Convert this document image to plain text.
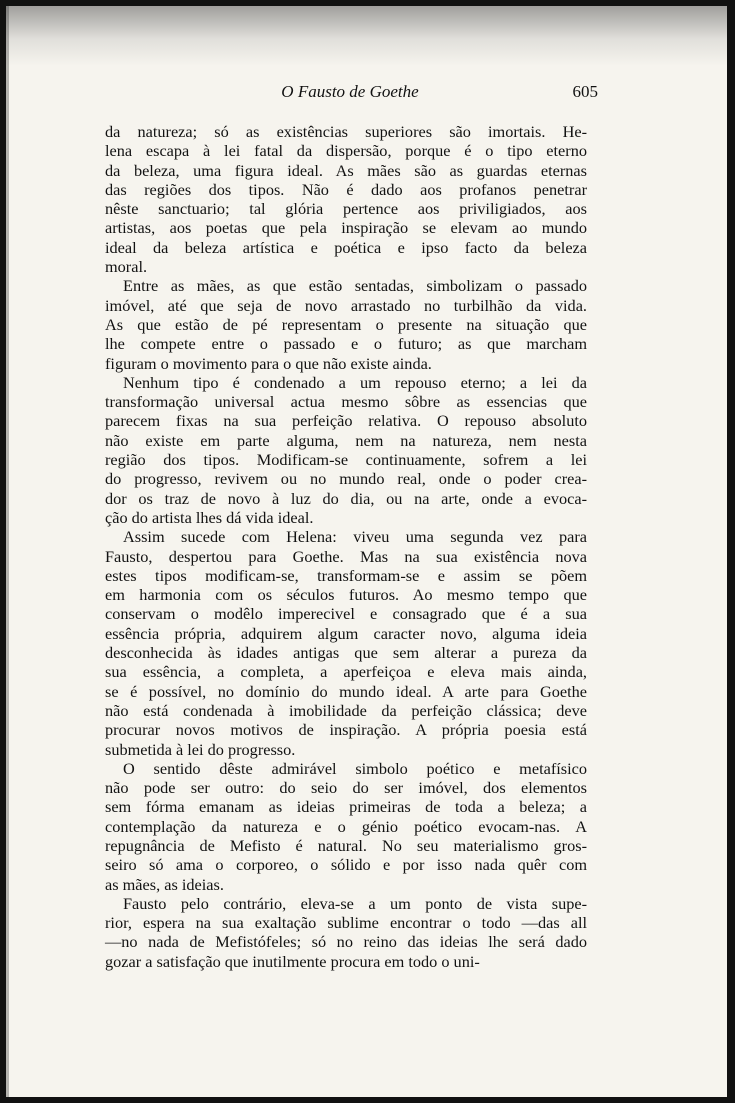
O Fausto de Goethe	605
da natureza; só as existências superiores são imortais. He-
lena escapa à lei fatal da dispersão, porque é o tipo eterno
da beleza, uma figura ideal. As mães são as guardas eternas
das regiões dos tipos. Não é dado aos profanos penetrar
nêste sanctuario; tal glória pertence aos priviligiados, aos
artistas, aos poetas que pela inspiração se elevam ao mundo
ideal da beleza artística e poética e ipso facto da beleza
moral.
Entre as mães, as que estão sentadas, simbolizam o passado
imóvel, até que seja de novo arrastado no turbilhão da vida.
As que estão de pé representam o presente na situação que
lhe compete entre o passado e o futuro; as que marcham
figuram o movimento para o que não existe ainda.
Nenhum tipo é condenado a um repouso eterno; a lei da
transformação universal actua mesmo sôbre as essencias que
parecem fixas na sua perfeição relativa. O repouso absoluto
não existe em parte alguma, nem na natureza, nem nesta
região dos tipos. Modificam-se continuamente, sofrem a lei
do progresso, revivem ou no mundo real, onde o poder crea-
dor os traz de novo à luz do dia, ou na arte, onde a evoca-
ção do artista lhes dá vida ideal.
Assim sucede com Helena: viveu uma segunda vez para
Fausto, despertou para Goethe. Mas na sua existência nova
estes tipos modificam-se, transformam-se e assim se põem
em harmonia com os séculos futuros. Ao mesmo tempo que
conservam o modêlo imperecivel e consagrado que é a sua
essência própria, adquirem algum caracter novo, alguma ideia
desconhecida às idades antigas que sem alterar a pureza da
sua essência, a completa, a aperfeiçoa e eleva mais ainda,
se é possível, no domínio do mundo ideal. A arte para Goethe
não está condenada à imobilidade da perfeição clássica; deve
procurar novos motivos de inspiração. A própria poesia está
submetida à lei do progresso.
O sentido dêste admirável simbolo poético e metafísico
não pode ser outro: do seio do ser imóvel, dos elementos
sem fórma emanam as ideias primeiras de toda a beleza; a
contemplação da natureza e o génio poético evocam-nas. A
repugnância de Mefisto é natural. No seu materialismo gros-
seiro só ama o corporeo, o sólido e por isso nada quêr com
as mães, as ideias.
Fausto pelo contrário, eleva-se a um ponto de vista supe-
rior, espera na sua exaltação sublime encontrar o todo —das all
—no nada de Mefistófeles; só no reino das ideias lhe será dado
gozar a satisfação que inutilmente procura em todo o uni-
